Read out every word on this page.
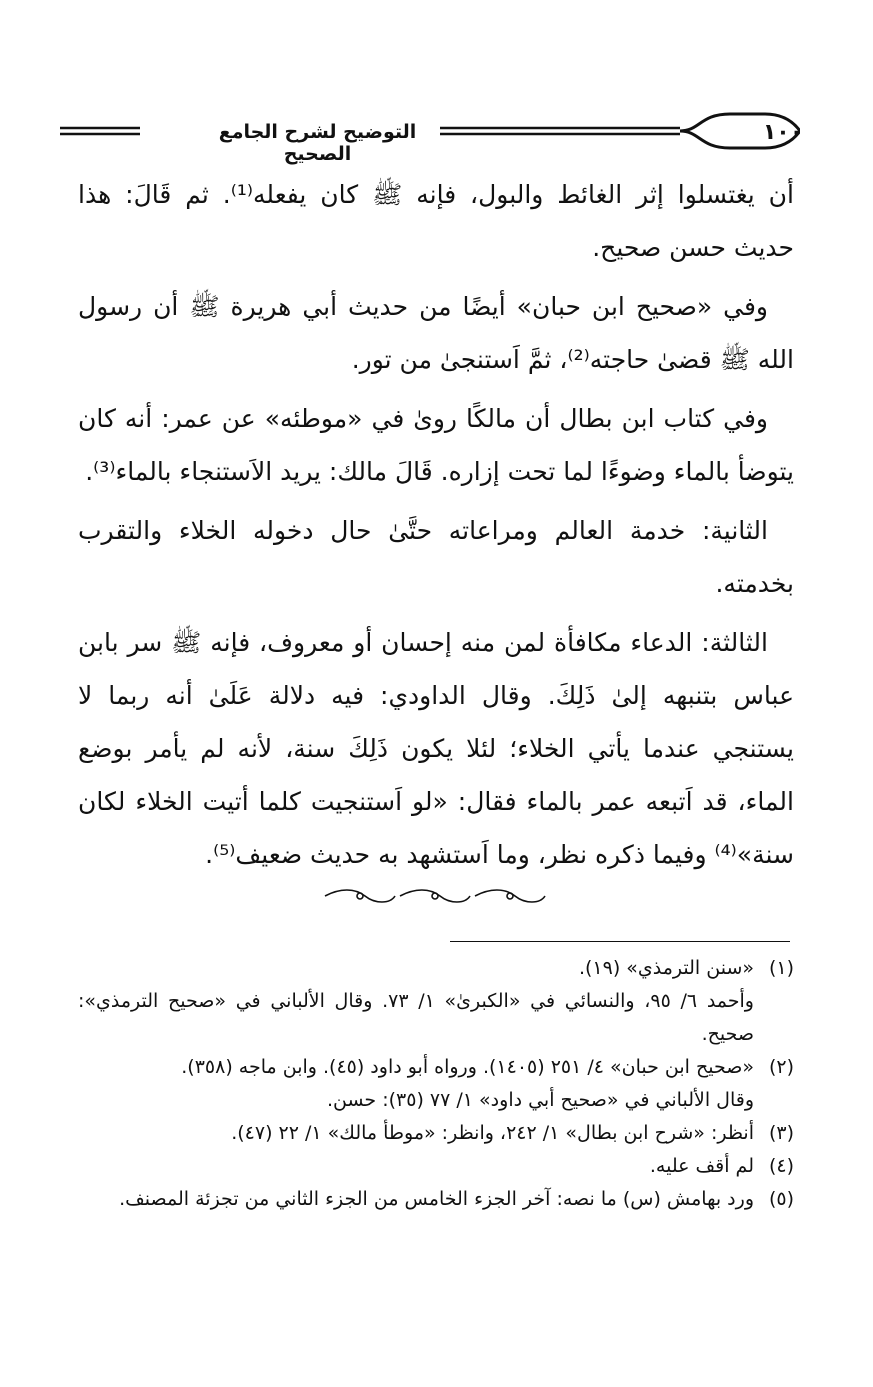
١٠٠
التوضيح لشرح الجامع الصحيح

أن يغتسلوا إثر الغائط والبول، فإنه ﷺ كان يفعله⁽¹⁾. ثم قَالَ: هذا حديث حسن صحيح.

وفي «صحيح ابن حبان» أيضًا من حديث أبي هريرة ﷺ أن رسول الله ﷺ قضىٰ حاجته⁽²⁾، ثمَّ اَستنجىٰ من تور.

وفي كتاب ابن بطال أن مالكًا روىٰ في «موطئه» عن عمر: أنه كان يتوضأ بالماء وضوءًا لما تحت إزاره. قَالَ مالك: يريد الاَستنجاء بالماء⁽³⁾.

الثانية: خدمة العالم ومراعاته حتَّىٰ حال دخوله الخلاء والتقرب بخدمته.

الثالثة: الدعاء مكافأة لمن منه إحسان أو معروف، فإنه ﷺ سر بابن عباس بتنبهه إلىٰ ذَلِكَ. وقال الداودي: فيه دلالة عَلَىٰ أنه ربما لا يستنجي عندما يأتي الخلاء؛ لئلا يكون ذَلِكَ سنة، لأنه لم يأمر بوضع الماء، قد اَتبعه عمر بالماء فقال: «لو اَستنجيت كلما أتيت الخلاء لكان سنة»⁽⁴⁾ وفيما ذكره نظر، وما اَستشهد به حديث ضعيف⁽⁵⁾.

(١)
«سنن الترمذي» (١٩).
وأحمد ٦/ ٩٥، والنسائي في «الكبرىٰ» ١/ ٧٣. وقال الألباني في «صحيح الترمذي»: صحيح.
(٢)
«صحيح ابن حبان» ٤/ ٢٥١ (١٤٠٥). ورواه أبو داود (٤٥). وابن ماجه (٣٥٨).
وقال الألباني في «صحيح أبي داود» ١/ ٧٧ (٣٥): حسن.
(٣)
أنظر: «شرح ابن بطال» ١/ ٢٤٢، وانظر: «موطأ مالك» ١/ ٢٢ (٤٧).
(٤)
لم أقف عليه.
(٥)
ورد بهامش (س) ما نصه: آخر الجزء الخامس من الجزء الثاني من تجزئة المصنف.
